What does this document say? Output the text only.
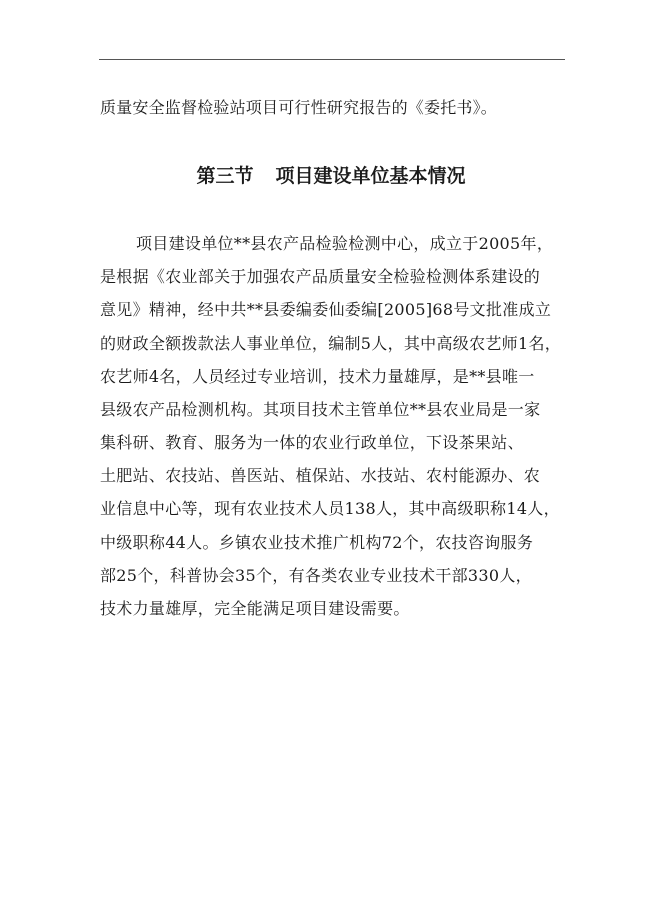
质量安全监督检验站项目可行性研究报告的《委托书》。
第三节 项目建设单位基本情况
项目建设单位**县农产品检验检测中心，成立于2005年，
是根据《农业部关于加强农产品质量安全检验检测体系建设的
意见》精神，经中共**县委编委仙委编[2005]68号文批准成立
的财政全额拨款法人事业单位，编制5人，其中高级农艺师1名，
农艺师4名，人员经过专业培训，技术力量雄厚，是**县唯一
县级农产品检测机构。其项目技术主管单位**县农业局是一家
集科研、教育、服务为一体的农业行政单位，下设茶果站、
土肥站、农技站、兽医站、植保站、水技站、农村能源办、农
业信息中心等，现有农业技术人员138人，其中高级职称14人，
中级职称44人。乡镇农业技术推广机构72个，农技咨询服务
部25个，科普协会35个，有各类农业专业技术干部330人，
技术力量雄厚，完全能满足项目建设需要。
